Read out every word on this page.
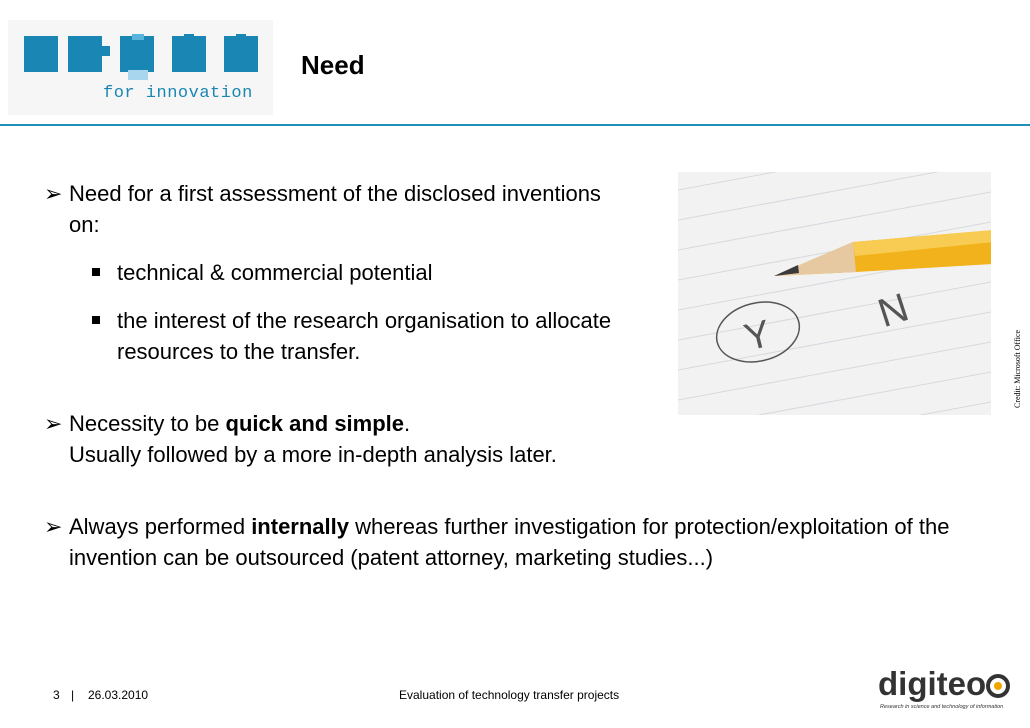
for innovation
Need
➢ Need for a first assessment of the disclosed inventions on:
technical & commercial potential
the interest of the research organisation to allocate resources to the transfer.
➢ Necessity to be quick and simple.
Usually followed by a more in-depth analysis later.
➢ Always performed internally whereas further investigation for protection/exploitation of the invention can be outsourced (patent attorney, marketing studies...)
Y
N
Credit: Microsoft Office
3 | 26.03.2010	Evaluation of technology transfer projects	digiteo
Research in science and technology of information
